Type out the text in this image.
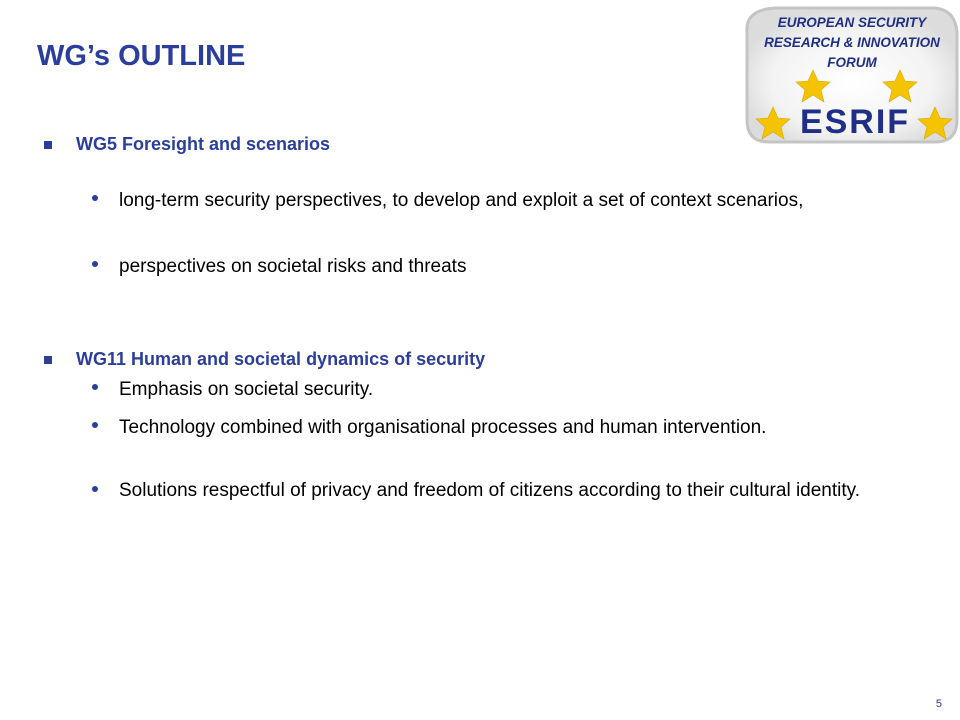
WG’s OUTLINE
EUROPEAN SECURITY
RESEARCH & INNOVATION
FORUM
ESRIF
WG5 Foresight and scenarios
long-term security perspectives, to develop and exploit a set of context scenarios,
perspectives on societal risks and threats
WG11 Human and societal dynamics of security
Emphasis on societal security.
Technology combined with organisational processes and human intervention.
Solutions respectful of privacy and freedom of citizens according to their cultural identity.
5
